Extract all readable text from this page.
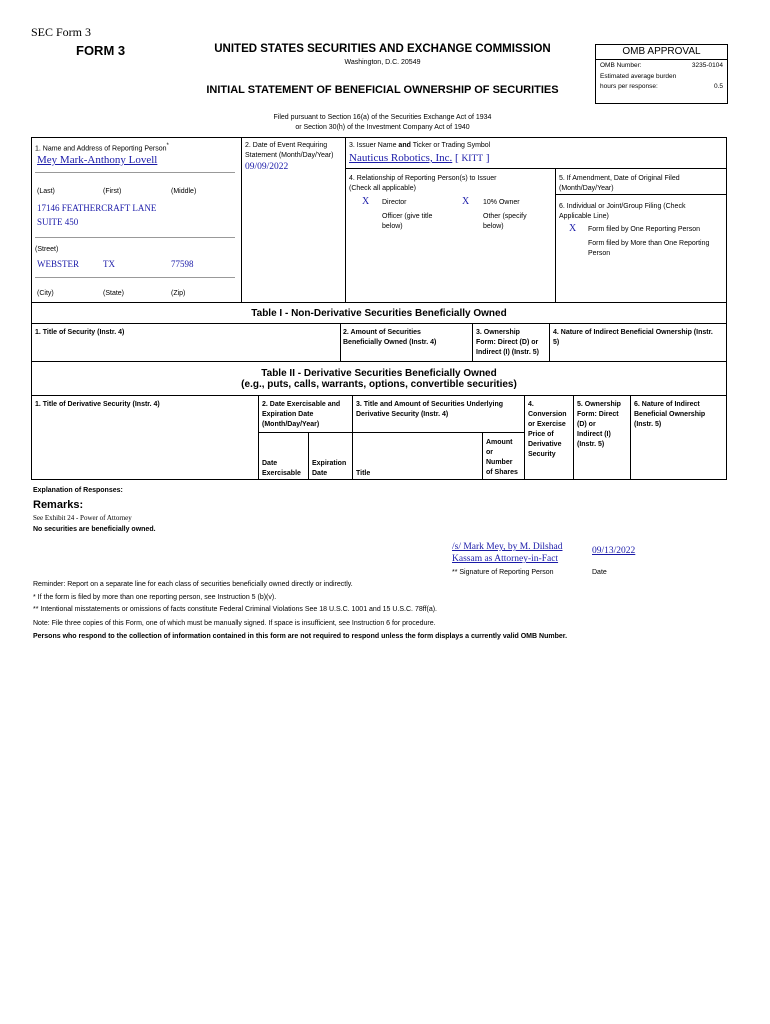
SEC Form 3
FORM 3	UNITED STATES SECURITIES AND EXCHANGE COMMISSION
Washington, D.C. 20549
INITIAL STATEMENT OF BENEFICIAL OWNERSHIP OF SECURITIES
Filed pursuant to Section 16(a) of the Securities Exchange Act of 1934
or Section 30(h) of the Investment Company Act of 1940
OMB APPROVAL
OMB Number:	3235-0104
Estimated average burden
hours per response:	0.5
1. Name and Address of Reporting Person*
Mey Mark-Anthony Lovell
(Last)	(First)	(Middle)
17146 FEATHERCRAFT LANE
SUITE 450
(Street)
WEBSTER	TX	77598
(City)	(State)	(Zip)
2. Date of Event Requiring
Statement (Month/Day/Year)
09/09/2022
3. Issuer Name and Ticker or Trading Symbol
Nauticus Robotics, Inc. [ KITT ]
4. Relationship of Reporting Person(s) to Issuer
(Check all applicable)
X Director	X 10% Owner
Officer (give title
below)
Other (specify
below)
5. If Amendment, Date of Original Filed
(Month/Day/Year)
6. Individual or Joint/Group Filing (Check
Applicable Line)
X Form filed by One Reporting Person
Form filed by More than One Reporting
Person
Table I - Non-Derivative Securities Beneficially Owned
1. Title of Security (Instr. 4)	2. Amount of Securities
Beneficially Owned (Instr. 4)
3. Ownership
Form: Direct (D) or
Indirect (I) (Instr. 5)
4. Nature of Indirect Beneficial Ownership (Instr.
5)
Table II - Derivative Securities Beneficially Owned
(e.g., puts, calls, warrants, options, convertible securities)
1. Title of Derivative Security (Instr. 4)	2. Date Exercisable and
Expiration Date
(Month/Day/Year)
Date
Exercisable
Expiration
Date
3. Title and Amount of Securities Underlying
Derivative Security (Instr. 4)
Title
Amount
or
Number
of Shares
4.
Conversion
or Exercise
Price of
Derivative
Security
5. Ownership
Form: Direct
(D) or
Indirect (I)
(Instr. 5)
6. Nature of Indirect
Beneficial Ownership
(Instr. 5)
Explanation of Responses:
Remarks:
See Exhibit 24 - Power of Attorney
No securities are beneficially owned.
/s/ Mark Mey, by M. Dilshad
Kassam as Attorney-in-Fact
09/13/2022
** Signature of Reporting Person	Date
Reminder: Report on a separate line for each class of securities beneficially owned directly or indirectly.
* If the form is filed by more than one reporting person, see Instruction 5 (b)(v).
** Intentional misstatements or omissions of facts constitute Federal Criminal Violations See 18 U.S.C. 1001 and 15 U.S.C. 78ff(a).
Note: File three copies of this Form, one of which must be manually signed. If space is insufficient, see Instruction 6 for procedure.
Persons who respond to the collection of information contained in this form are not required to respond unless the form displays a currently valid OMB Number.
